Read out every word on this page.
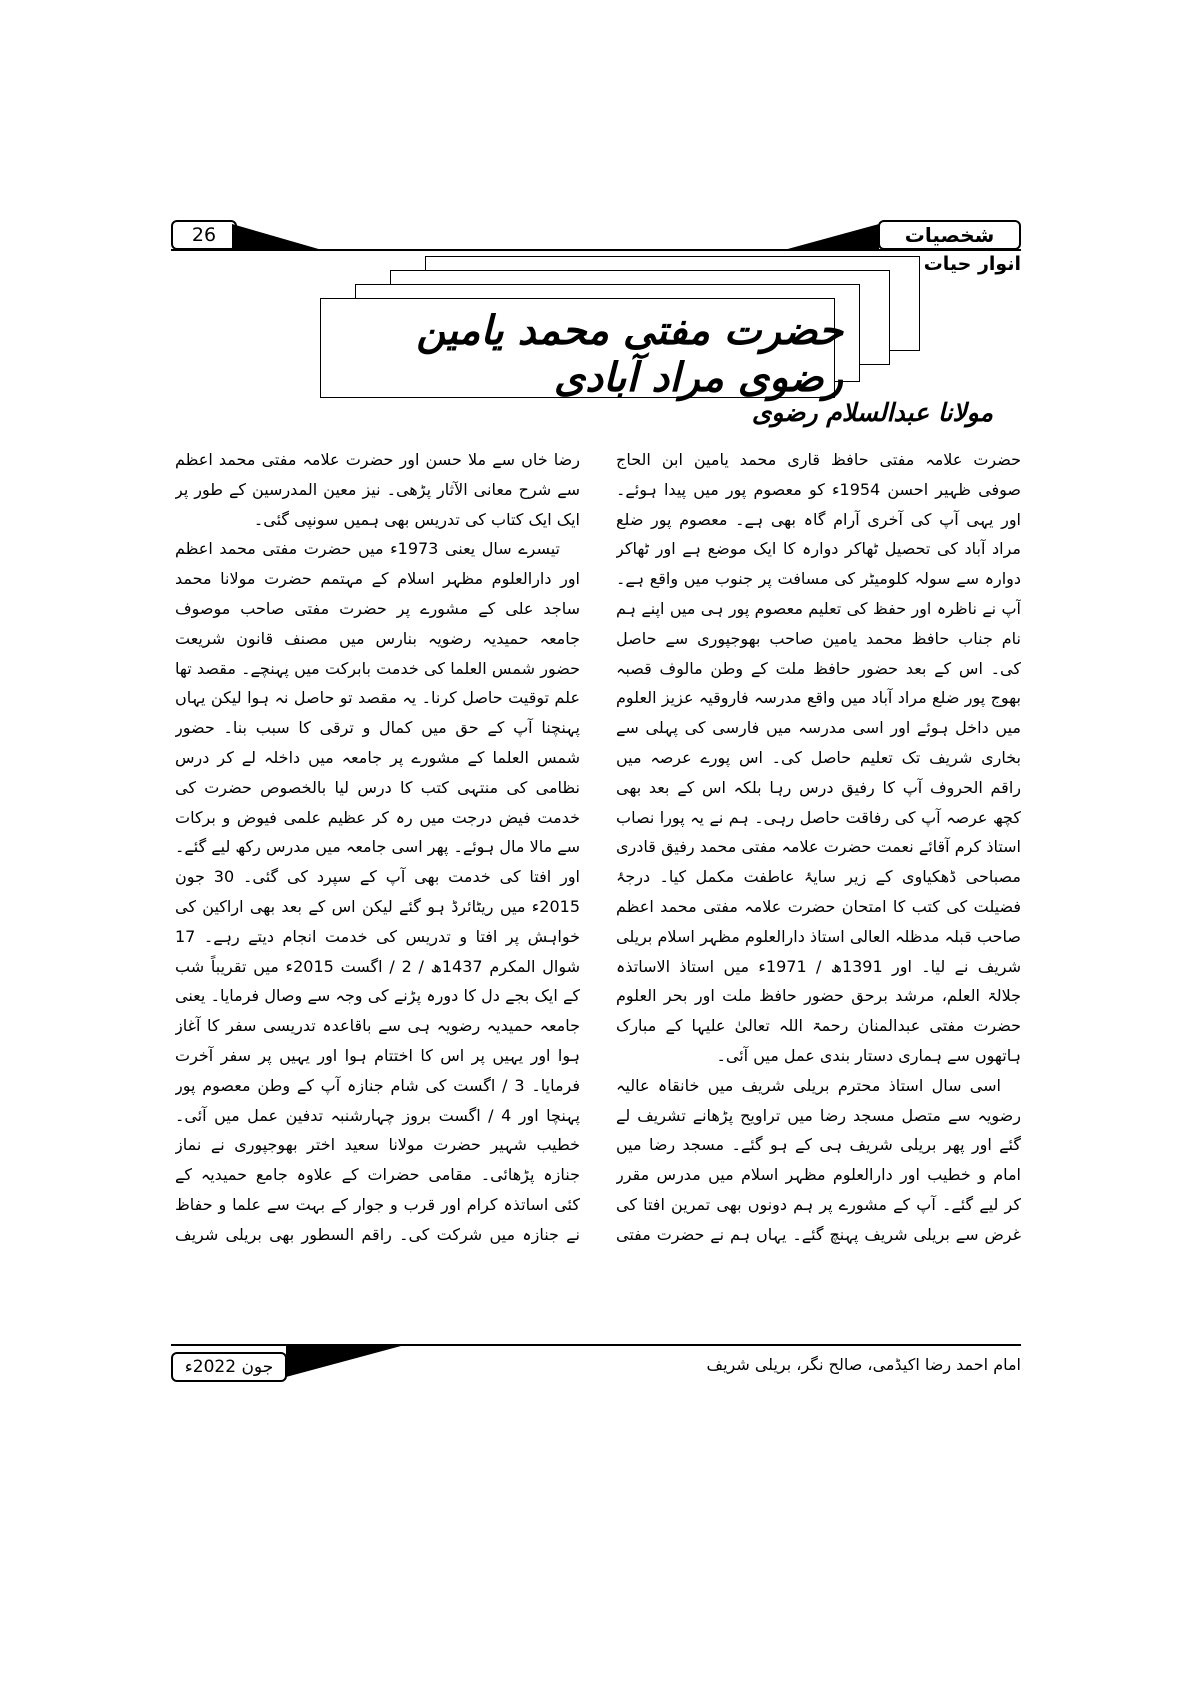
26	شخصیات
انوار حیات
حضرت مفتی محمد یامین رضوی مراد آبادی
مولانا عبدالسلام رضوی

حضرت علامہ مفتی حافظ قاری محمد یامین ابن الحاج صوفی ظہیر احسن 1954ء کو معصوم پور میں پیدا ہوئے۔ اور یہی آپ کی آخری آرام گاہ بھی ہے۔ معصوم پور ضلع مراد آباد کی تحصیل ٹھاکر دوارہ کا ایک موضع ہے اور ٹھاکر دوارہ سے سولہ کلومیٹر کی مسافت پر جنوب میں واقع ہے۔ آپ نے ناظرہ اور حفظ کی تعلیم معصوم پور ہی میں اپنے ہم نام جناب حافظ محمد یامین صاحب بھوجپوری سے حاصل کی۔ اس کے بعد حضور حافظ ملت کے وطن مالوف قصبہ بھوج پور ضلع مراد آباد میں واقع مدرسہ فاروقیہ عزیز العلوم میں داخل ہوئے اور اسی مدرسہ میں فارسی کی پہلی سے بخاری شریف تک تعلیم حاصل کی۔ اس پورے عرصہ میں راقم الحروف آپ کا رفیق درس رہا بلکہ اس کے بعد بھی کچھ عرصہ آپ کی رفاقت حاصل رہی۔ ہم نے یہ پورا نصاب استاذ کرم آقائے نعمت حضرت علامہ مفتی محمد رفیق قادری مصباحی ڈھکیاوی کے زیر سایۂ عاطفت مکمل کیا۔ درجۂ فضیلت کی کتب کا امتحان حضرت علامہ مفتی محمد اعظم صاحب قبلہ مدظلہ العالی استاذ دارالعلوم مظہر اسلام بریلی شریف نے لیا۔ اور 1391ھ / 1971ء میں استاذ الاساتذہ جلالۃ العلم، مرشد برحق حضور حافظ ملت اور بحر العلوم حضرت مفتی عبدالمنان رحمۃ اللہ تعالیٰ علیہا کے مبارک ہاتھوں سے ہماری دستار بندی عمل میں آئی۔

اسی سال استاذ محترم بریلی شریف میں خانقاہ عالیہ رضویہ سے متصل مسجد رضا میں تراویح پڑھانے تشریف لے گئے اور پھر بریلی شریف ہی کے ہو گئے۔ مسجد رضا میں امام و خطیب اور دارالعلوم مظہر اسلام میں مدرس مقرر کر لیے گئے۔ آپ کے مشورے پر ہم دونوں بھی تمرین افتا کی غرض سے بریلی شریف پہنچ گئے۔ یہاں ہم نے حضرت مفتی

رضا خاں سے ملا حسن اور حضرت علامہ مفتی محمد اعظم سے شرح معانی الآثار پڑھی۔ نیز معین المدرسین کے طور پر ایک ایک کتاب کی تدریس بھی ہمیں سونپی گئی۔

تیسرے سال یعنی 1973ء میں حضرت مفتی محمد اعظم اور دارالعلوم مظہر اسلام کے مہتمم حضرت مولانا محمد ساجد علی کے مشورے پر حضرت مفتی صاحب موصوف جامعہ حمیدیہ رضویہ بنارس میں مصنف قانون شریعت حضور شمس العلما کی خدمت بابرکت میں پہنچے۔ مقصد تھا علم توقیت حاصل کرنا۔ یہ مقصد تو حاصل نہ ہوا لیکن یہاں پہنچنا آپ کے حق میں کمال و ترقی کا سبب بنا۔ حضور شمس العلما کے مشورے پر جامعہ میں داخلہ لے کر درس نظامی کی منتہی کتب کا درس لیا بالخصوص حضرت کی خدمت فیض درجت میں رہ کر عظیم علمی فیوض و برکات سے مالا مال ہوئے۔ پھر اسی جامعہ میں مدرس رکھ لیے گئے۔ اور افتا کی خدمت بھی آپ کے سپرد کی گئی۔ 30 جون 2015ء میں ریٹائرڈ ہو گئے لیکن اس کے بعد بھی اراکین کی خواہش پر افتا و تدریس کی خدمت انجام دیتے رہے۔ 17 شوال المکرم 1437ھ / 2 / اگست 2015ء میں تقریباً شب کے ایک بجے دل کا دورہ پڑنے کی وجہ سے وصال فرمایا۔ یعنی جامعہ حمیدیہ رضویہ ہی سے باقاعدہ تدریسی سفر کا آغاز ہوا اور یہیں پر اس کا اختتام ہوا اور یہیں پر سفر آخرت فرمایا۔ 3 / اگست کی شام جنازہ آپ کے وطن معصوم پور پہنچا اور 4 / اگست بروز چہارشنبہ تدفین عمل میں آئی۔ خطیب شہیر حضرت مولانا سعید اختر بھوجپوری نے نماز جنازہ پڑھائی۔ مقامی حضرات کے علاوہ جامع حمیدیہ کے کئی اساتذہ کرام اور قرب و جوار کے بہت سے علما و حفاظ نے جنازہ میں شرکت کی۔ راقم السطور بھی بریلی شریف

جون 2022ء	امام احمد رضا اکیڈمی، صالح نگر، بریلی شریف
